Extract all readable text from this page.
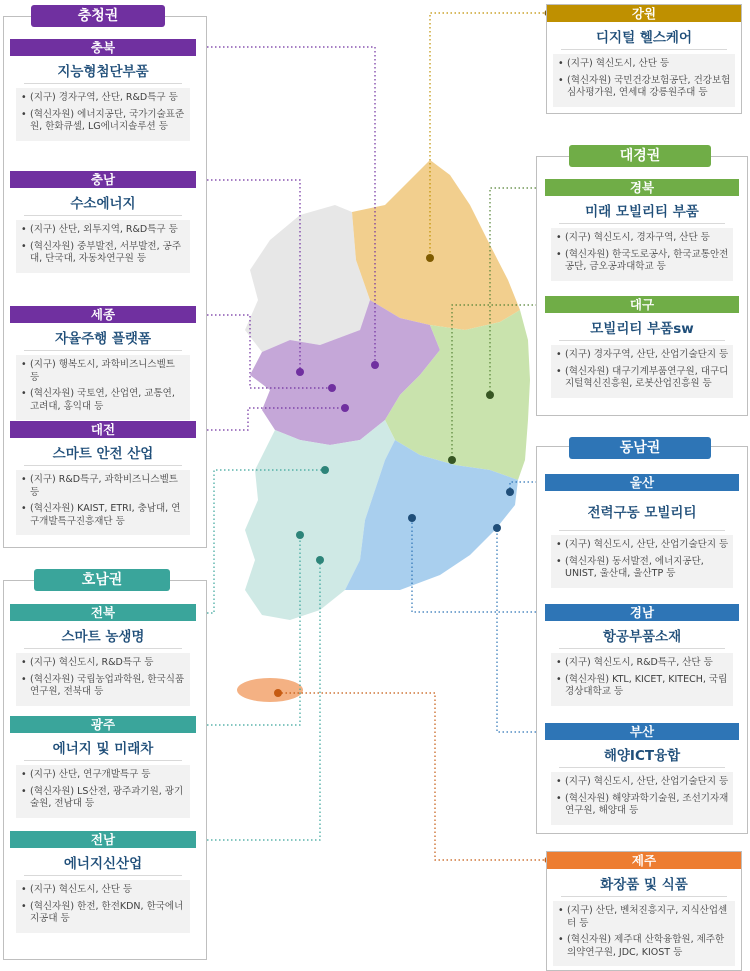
충청권
호남권
대경권
동남권
충북
지능형첨단부품
• (지구) 경자구역, 산단, R&D특구 등
• (혁신자원) 에너지공단, 국가기술표준원, 한화큐셀, LG에너지솔루션 등
충남
수소에너지
• (지구) 산단, 외투지역, R&D특구 등
• (혁신자원) 중부발전, 서부발전, 공주대, 단국대, 자동차연구원 등
세종
자율주행 플랫폼
• (지구) 행복도시, 과학비즈니스벨트 등
• (혁신자원) 국토연, 산업연, 교통연, 고려대, 홍익대 등
대전
스마트 안전 산업
• (지구) R&D특구, 과학비즈니스벨트 등
• (혁신자원) KAIST, ETRI, 충남대, 연구개발특구진흥재단 등
전북
스마트 농생명
• (지구) 혁신도시, R&D특구 등
• (혁신자원) 국립농업과학원, 한국식품연구원, 전북대 등
광주
에너지 및 미래차
• (지구) 산단, 연구개발특구 등
• (혁신자원) LS산전, 광주과기원, 광기술원, 전남대 등
전남
에너지신산업
• (지구) 혁신도시, 산단 등
• (혁신자원) 한전, 한전KDN, 한국에너지공대 등
강원
디지털 헬스케어
• (지구) 혁신도시, 산단 등
• (혁신자원) 국민건강보험공단, 건강보험심사평가원, 연세대 강릉원주대 등
경북
미래 모빌리티 부품
• (지구) 혁신도시, 경자구역, 산단 등
• (혁신자원) 한국도로공사, 한국교통안전공단, 금오공과대학교 등
대구
모빌리티 부품sw
• (지구) 경자구역, 산단, 산업기술단지 등
• (혁신자원) 대구기계부품연구원, 대구디지털혁신진흥원, 로봇산업진흥원 등
울산
전력구동 모빌리티
• (지구) 혁신도시, 산단, 산업기술단지 등
• (혁신자원) 동서발전, 에너지공단, UNIST, 울산대, 울산TP 등
경남
항공부품소재
• (지구) 혁신도시, R&D특구, 산단 등
• (혁신자원) KTL, KICET, KITECH, 국립경상대학교 등
부산
해양ICT융합
• (지구) 혁신도시, 산단, 산업기술단지 등
• (혁신자원) 해양과학기술원, 조선기자재연구원, 해양대 등
제주
화장품 및 식품
• (지구) 산단, 벤처진흥지구, 지식산업센터 등
• (혁신자원) 제주대 산학융합원, 제주한의약연구원, JDC, KIOST 등
